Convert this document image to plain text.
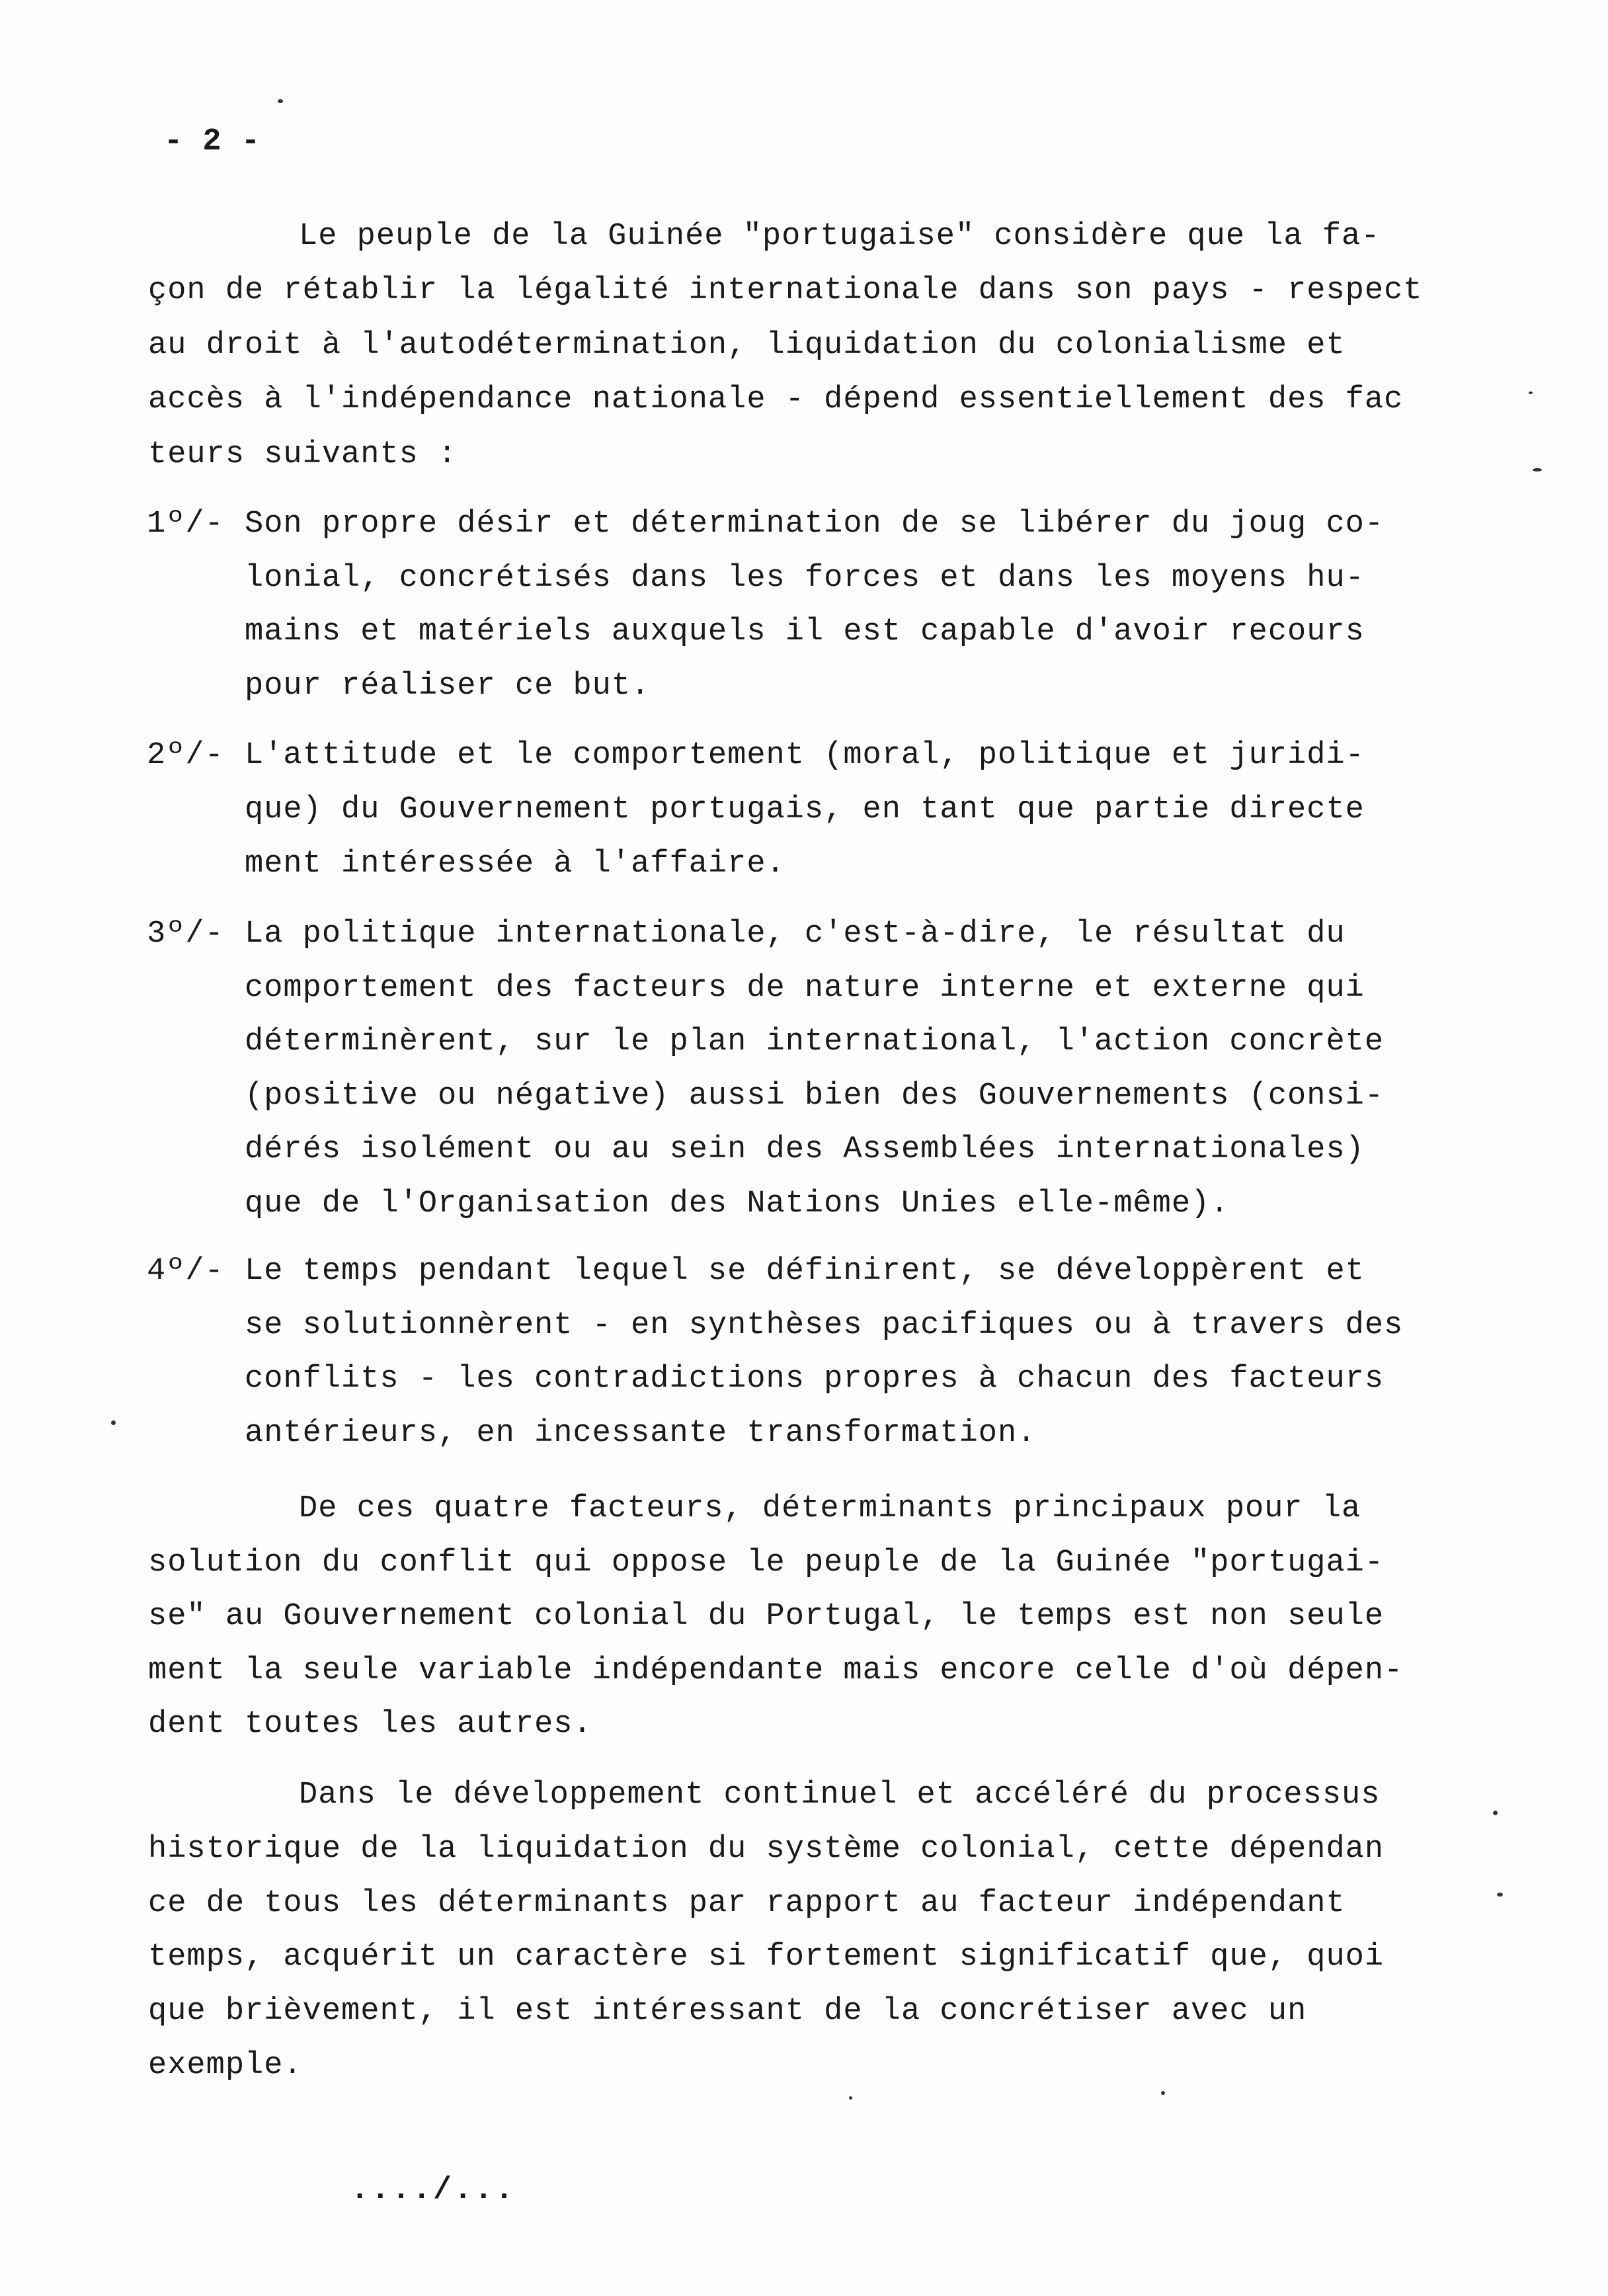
- 2 -
Le peuple de la Guinée "portugaise" considère que la fa-
çon de rétablir la légalité internationale dans son pays - respect
au droit à l'autodétermination, liquidation du colonialisme et
accès à l'indépendance nationale - dépend essentiellement des fac
teurs suivants :
1º/- Son propre désir et détermination de se libérer du joug co-
lonial, concrétisés dans les forces et dans les moyens hu-
mains et matériels auxquels il est capable d'avoir recours
pour réaliser ce but.
2º/- L'attitude et le comportement (moral, politique et juridi-
que) du Gouvernement portugais, en tant que partie directe
ment intéressée à l'affaire.
3º/- La politique internationale, c'est-à-dire, le résultat du
comportement des facteurs de nature interne et externe qui
déterminèrent, sur le plan international, l'action concrète
(positive ou négative) aussi bien des Gouvernements (consi-
dérés isolément ou au sein des Assemblées internationales)
que de l'Organisation des Nations Unies elle-même).
4º/- Le temps pendant lequel se définirent, se développèrent et
se solutionnèrent - en synthèses pacifiques ou à travers des
conflits - les contradictions propres à chacun des facteurs
antérieurs, en incessante transformation.
De ces quatre facteurs, déterminants principaux pour la
solution du conflit qui oppose le peuple de la Guinée "portugai-
se" au Gouvernement colonial du Portugal, le temps est non seule
ment la seule variable indépendante mais encore celle d'où dépen-
dent toutes les autres.
Dans le développement continuel et accéléré du processus
historique de la liquidation du système colonial, cette dépendan
ce de tous les déterminants par rapport au facteur indépendant
temps, acquérit un caractère si fortement significatif que, quoi
que brièvement, il est intéressant de la concrétiser avec un
exemple.
..../...
